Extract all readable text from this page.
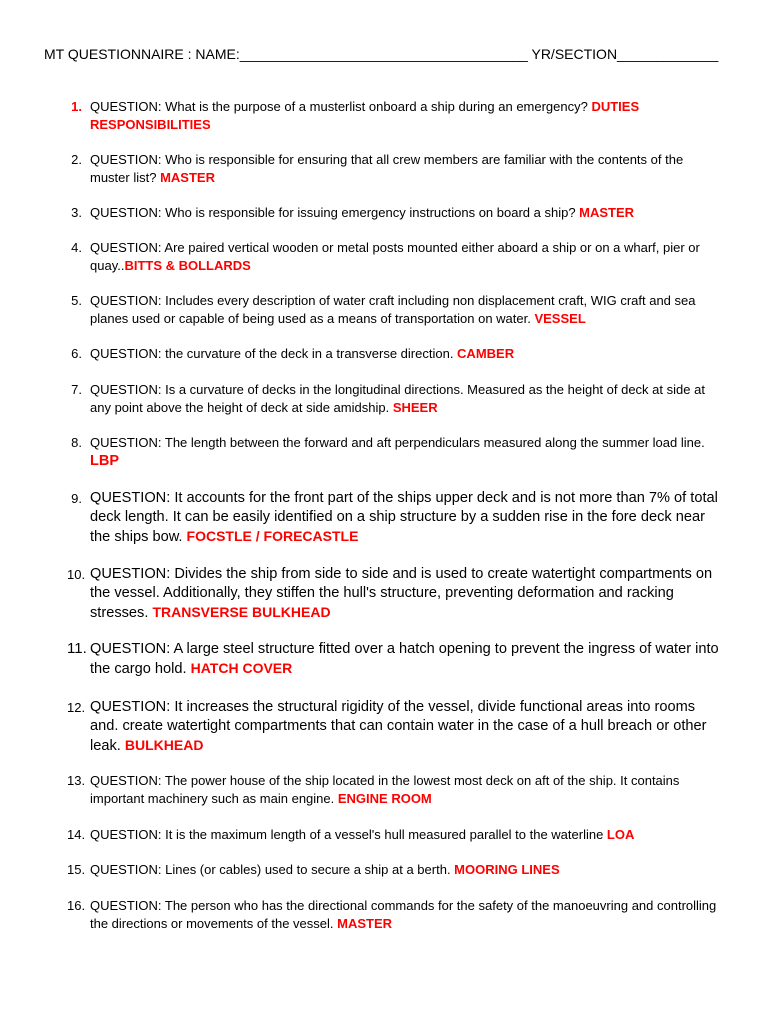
MT QUESTIONNAIRE : NAME:_____________________________________ YR/SECTION_____________
1. QUESTION: What is the purpose of a musterlist onboard a ship during an emergency? DUTIES RESPONSIBILITIES
2. QUESTION: Who is responsible for ensuring that all crew members are familiar with the contents of the muster list? MASTER
3. QUESTION: Who is responsible for issuing emergency instructions on board a ship? MASTER
4. QUESTION: Are paired vertical wooden or metal posts mounted either aboard a ship or on a wharf, pier or quay..BITTS & BOLLARDS
5. QUESTION: Includes every description of water craft including non displacement craft, WIG craft and sea planes used or capable of being used as a means of transportation on water. VESSEL
6. QUESTION: the curvature of the deck in a transverse direction. CAMBER
7. QUESTION: Is a curvature of decks in the longitudinal directions. Measured as the height of deck at side at any point above the height of deck at side amidship. SHEER
8. QUESTION: The length between the forward and aft perpendiculars measured along the summer load line. LBP
9. QUESTION: It accounts for the front part of the ships upper deck and is not more than 7% of total deck length. It can be easily identified on a ship structure by a sudden rise in the fore deck near the ships bow. FOCSTLE / FORECASTLE
10. QUESTION: Divides the ship from side to side and is used to create watertight compartments on the vessel. Additionally, they stiffen the hull's structure, preventing deformation and racking stresses. TRANSVERSE BULKHEAD
11. QUESTION: A large steel structure fitted over a hatch opening to prevent the ingress of water into the cargo hold. HATCH COVER
12. QUESTION: It increases the structural rigidity of the vessel, divide functional areas into rooms and. create watertight compartments that can contain water in the case of a hull breach or other leak. BULKHEAD
13. QUESTION: The power house of the ship located in the lowest most deck on aft of the ship. It contains important machinery such as main engine. ENGINE ROOM
14. QUESTION: It is the maximum length of a vessel's hull measured parallel to the waterline LOA
15. QUESTION: Lines (or cables) used to secure a ship at a berth. MOORING LINES
16. QUESTION: The person who has the directional commands for the safety of the manoeuvring and controlling the directions or movements of the vessel. MASTER
